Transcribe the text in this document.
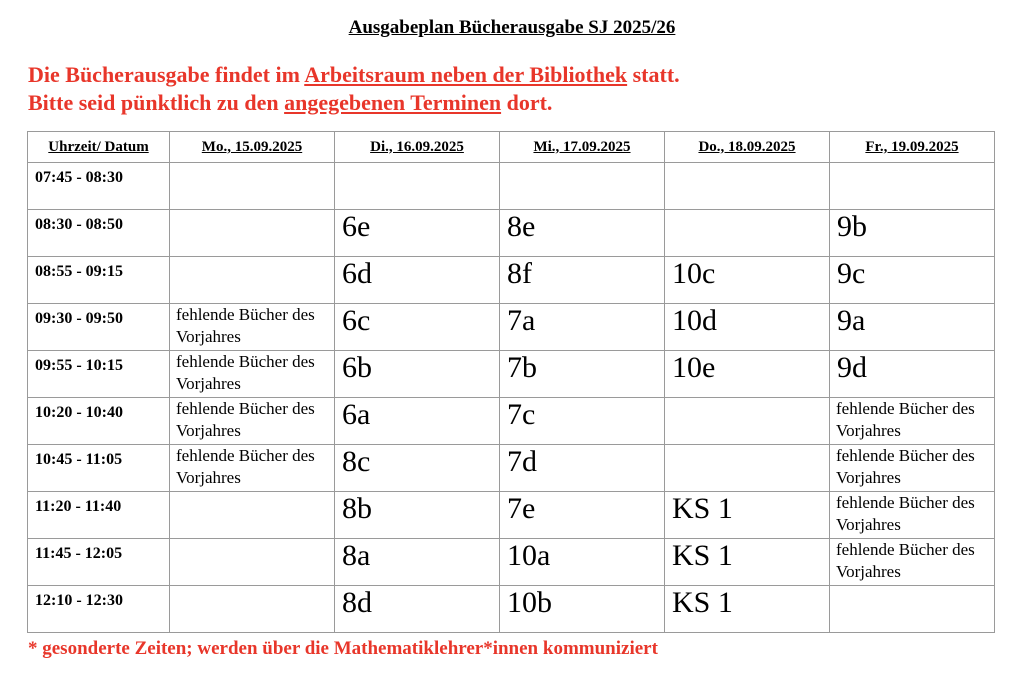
Ausgabeplan Bücherausgabe SJ 2025/26
Die Bücherausgabe findet im Arbeitsraum neben der Bibliothek statt.
Bitte seid pünktlich zu den angegebenen Terminen dort.
Uhrzeit/ Datum	Mo., 15.09.2025	Di., 16.09.2025	Mi., 17.09.2025	Do., 18.09.2025	Fr., 19.09.2025
07:45 - 08:30					
08:30 - 08:50		6e	8e		9b
08:55 - 09:15		6d	8f	10c	9c
09:30 - 09:50	fehlende Bücher des Vorjahres	6c	7a	10d	9a
09:55 - 10:15	fehlende Bücher des Vorjahres	6b	7b	10e	9d
10:20 - 10:40	fehlende Bücher des Vorjahres	6a	7c		fehlende Bücher des Vorjahres
10:45 - 11:05	fehlende Bücher des Vorjahres	8c	7d		fehlende Bücher des Vorjahres
11:20 - 11:40		8b	7e	KS 1	fehlende Bücher des Vorjahres
11:45 - 12:05		8a	10a	KS 1	fehlende Bücher des Vorjahres
12:10 - 12:30		8d	10b	KS 1	
* gesonderte Zeiten; werden über die Mathematiklehrer*innen kommuniziert
